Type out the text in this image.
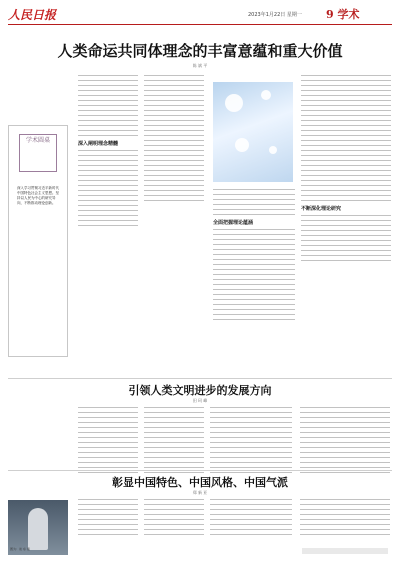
人民日报	2023年1月22日 星期一 9 学术
人类命运共同体理念的丰富意蕴和重大价值
陈 斌 平
学术圆桌
深入学习贯彻习近平新时代中国特色社会主义思想。坚持以人民为中心的研究导向，不断推动理论创新。
深入阐明理念精髓
全面把握理论蕴涵
不断深化理论研究
引领人类文明进步的发展方向
田 珂 峰
彰显中国特色、中国风格、中国气派
郑 新 亚
图为：谈 东 康
